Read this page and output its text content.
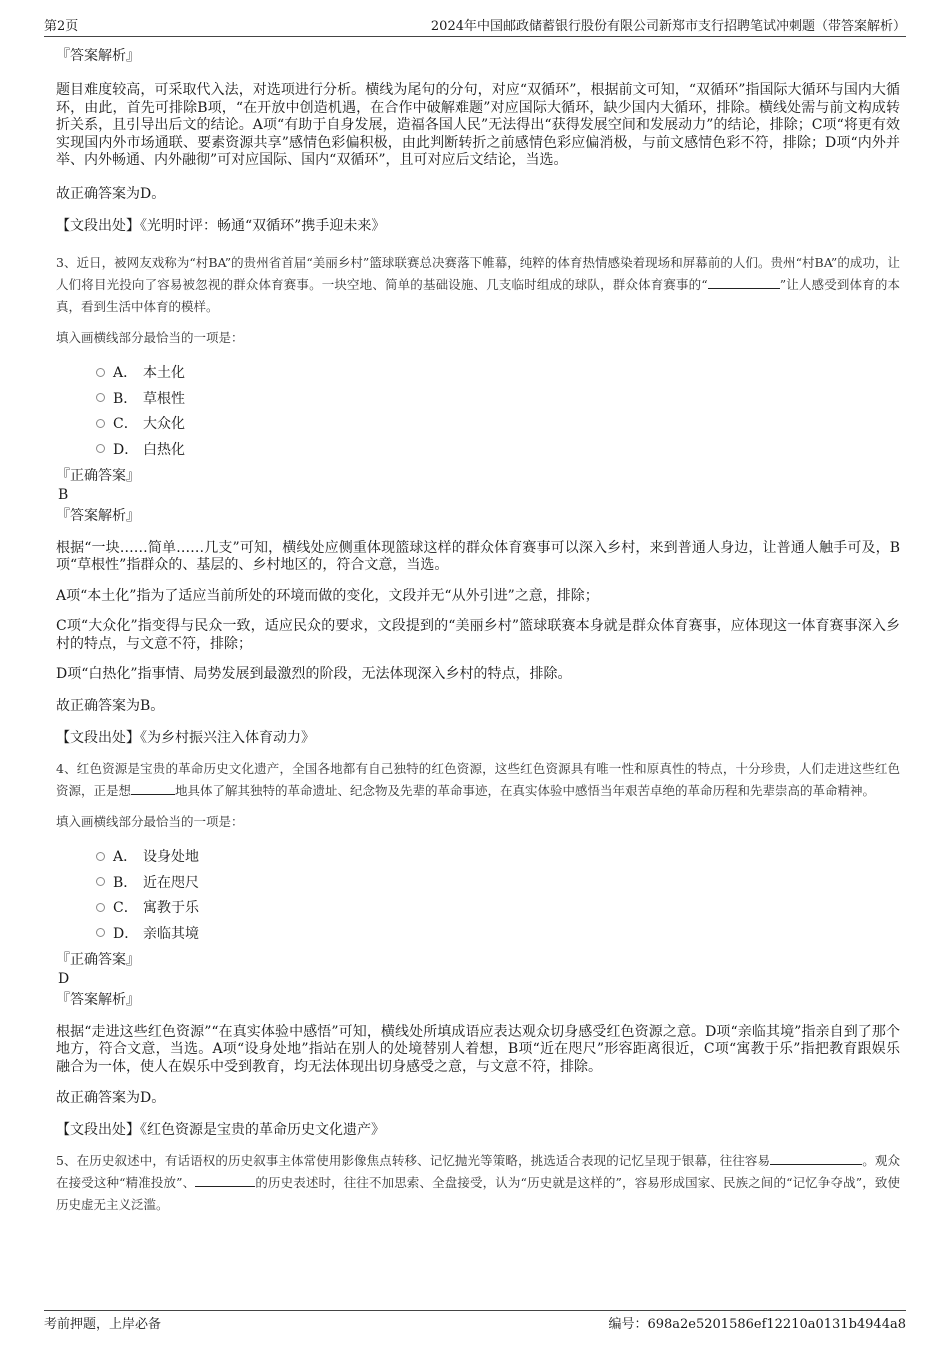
第2页	2024年中国邮政储蓄银行股份有限公司新郑市支行招聘笔试冲刺题（带答案解析）

『答案解析』

题目难度较高，可采取代入法，对选项进行分析。横线为尾句的分句，对应“双循环”，根据前文可知，“双循环”指国际大循环与国内大循环，由此，首先可排除B项，“在开放中创造机遇，在合作中破解难题”对应国际大循环，缺少国内大循环，排除。横线处需与前文构成转折关系，且引导出后文的结论。A项“有助于自身发展，造福各国人民”无法得出“获得发展空间和发展动力”的结论，排除；C项“将更有效实现国内外市场通联、要素资源共享”感情色彩偏积极，由此判断转折之前感情色彩应偏消极，与前文感情色彩不符，排除；D项“内外并举、内外畅通、内外融彻”可对应国际、国内“双循环”，且可对应后文结论，当选。

故正确答案为D。

【文段出处】《光明时评：畅通“双循环”携手迎未来》

3、近日，被网友戏称为“村BA”的贵州省首届“美丽乡村”篮球联赛总决赛落下帷幕，纯粹的体育热情感染着现场和屏幕前的人们。贵州“村BA”的成功，让人们将目光投向了容易被忽视的群众体育赛事。一块空地、简单的基础设施、几支临时组成的球队，群众体育赛事的“	”让人感受到体育的本真，看到生活中体育的模样。

填入画横线部分最恰当的一项是：

A． 本土化
B． 草根性
C． 大众化
D． 白热化

『正确答案』

B

『答案解析』

根据“一块……简单……几支”可知，横线处应侧重体现篮球这样的群众体育赛事可以深入乡村，来到普通人身边，让普通人触手可及，B项“草根性”指群众的、基层的、乡村地区的，符合文意，当选。

A项“本土化”指为了适应当前所处的环境而做的变化，文段并无“从外引进”之意，排除；

C项“大众化”指变得与民众一致，适应民众的要求，文段提到的“美丽乡村”篮球联赛本身就是群众体育赛事，应体现这一体育赛事深入乡村的特点，与文意不符，排除；

D项“白热化”指事情、局势发展到最激烈的阶段，无法体现深入乡村的特点，排除。

故正确答案为B。

【文段出处】《为乡村振兴注入体育动力》

4、红色资源是宝贵的革命历史文化遗产，全国各地都有自己独特的红色资源，这些红色资源具有唯一性和原真性的特点，十分珍贵，人们走进这些红色资源，正是想	地具体了解其独特的革命遗址、纪念物及先辈的革命事迹，在真实体验中感悟当年艰苦卓绝的革命历程和先辈崇高的革命精神。

填入画横线部分最恰当的一项是：

A． 设身处地
B． 近在咫尺
C． 寓教于乐
D． 亲临其境

『正确答案』

D

『答案解析』

根据“走进这些红色资源”“在真实体验中感悟”可知，横线处所填成语应表达观众切身感受红色资源之意。D项“亲临其境”指亲自到了那个地方，符合文意，当选。A项“设身处地”指站在别人的处境替别人着想，B项“近在咫尺”形容距离很近，C项“寓教于乐”指把教育跟娱乐融合为一体，使人在娱乐中受到教育，均无法体现出切身感受之意，与文意不符，排除。

故正确答案为D。

【文段出处】《红色资源是宝贵的革命历史文化遗产》

5、在历史叙述中，有话语权的历史叙事主体常使用影像焦点转移、记忆抛光等策略，挑选适合表现的记忆呈现于银幕，往往容易	。观众在接受这种“精准投放”、	的历史表述时，往往不加思索、全盘接受，认为“历史就是这样的”，容易形成国家、民族之间的“记忆争夺战”，致使历史虚无主义泛滥。

考前押题，上岸必备	编号：698a2e5201586ef12210a0131b4944a8
